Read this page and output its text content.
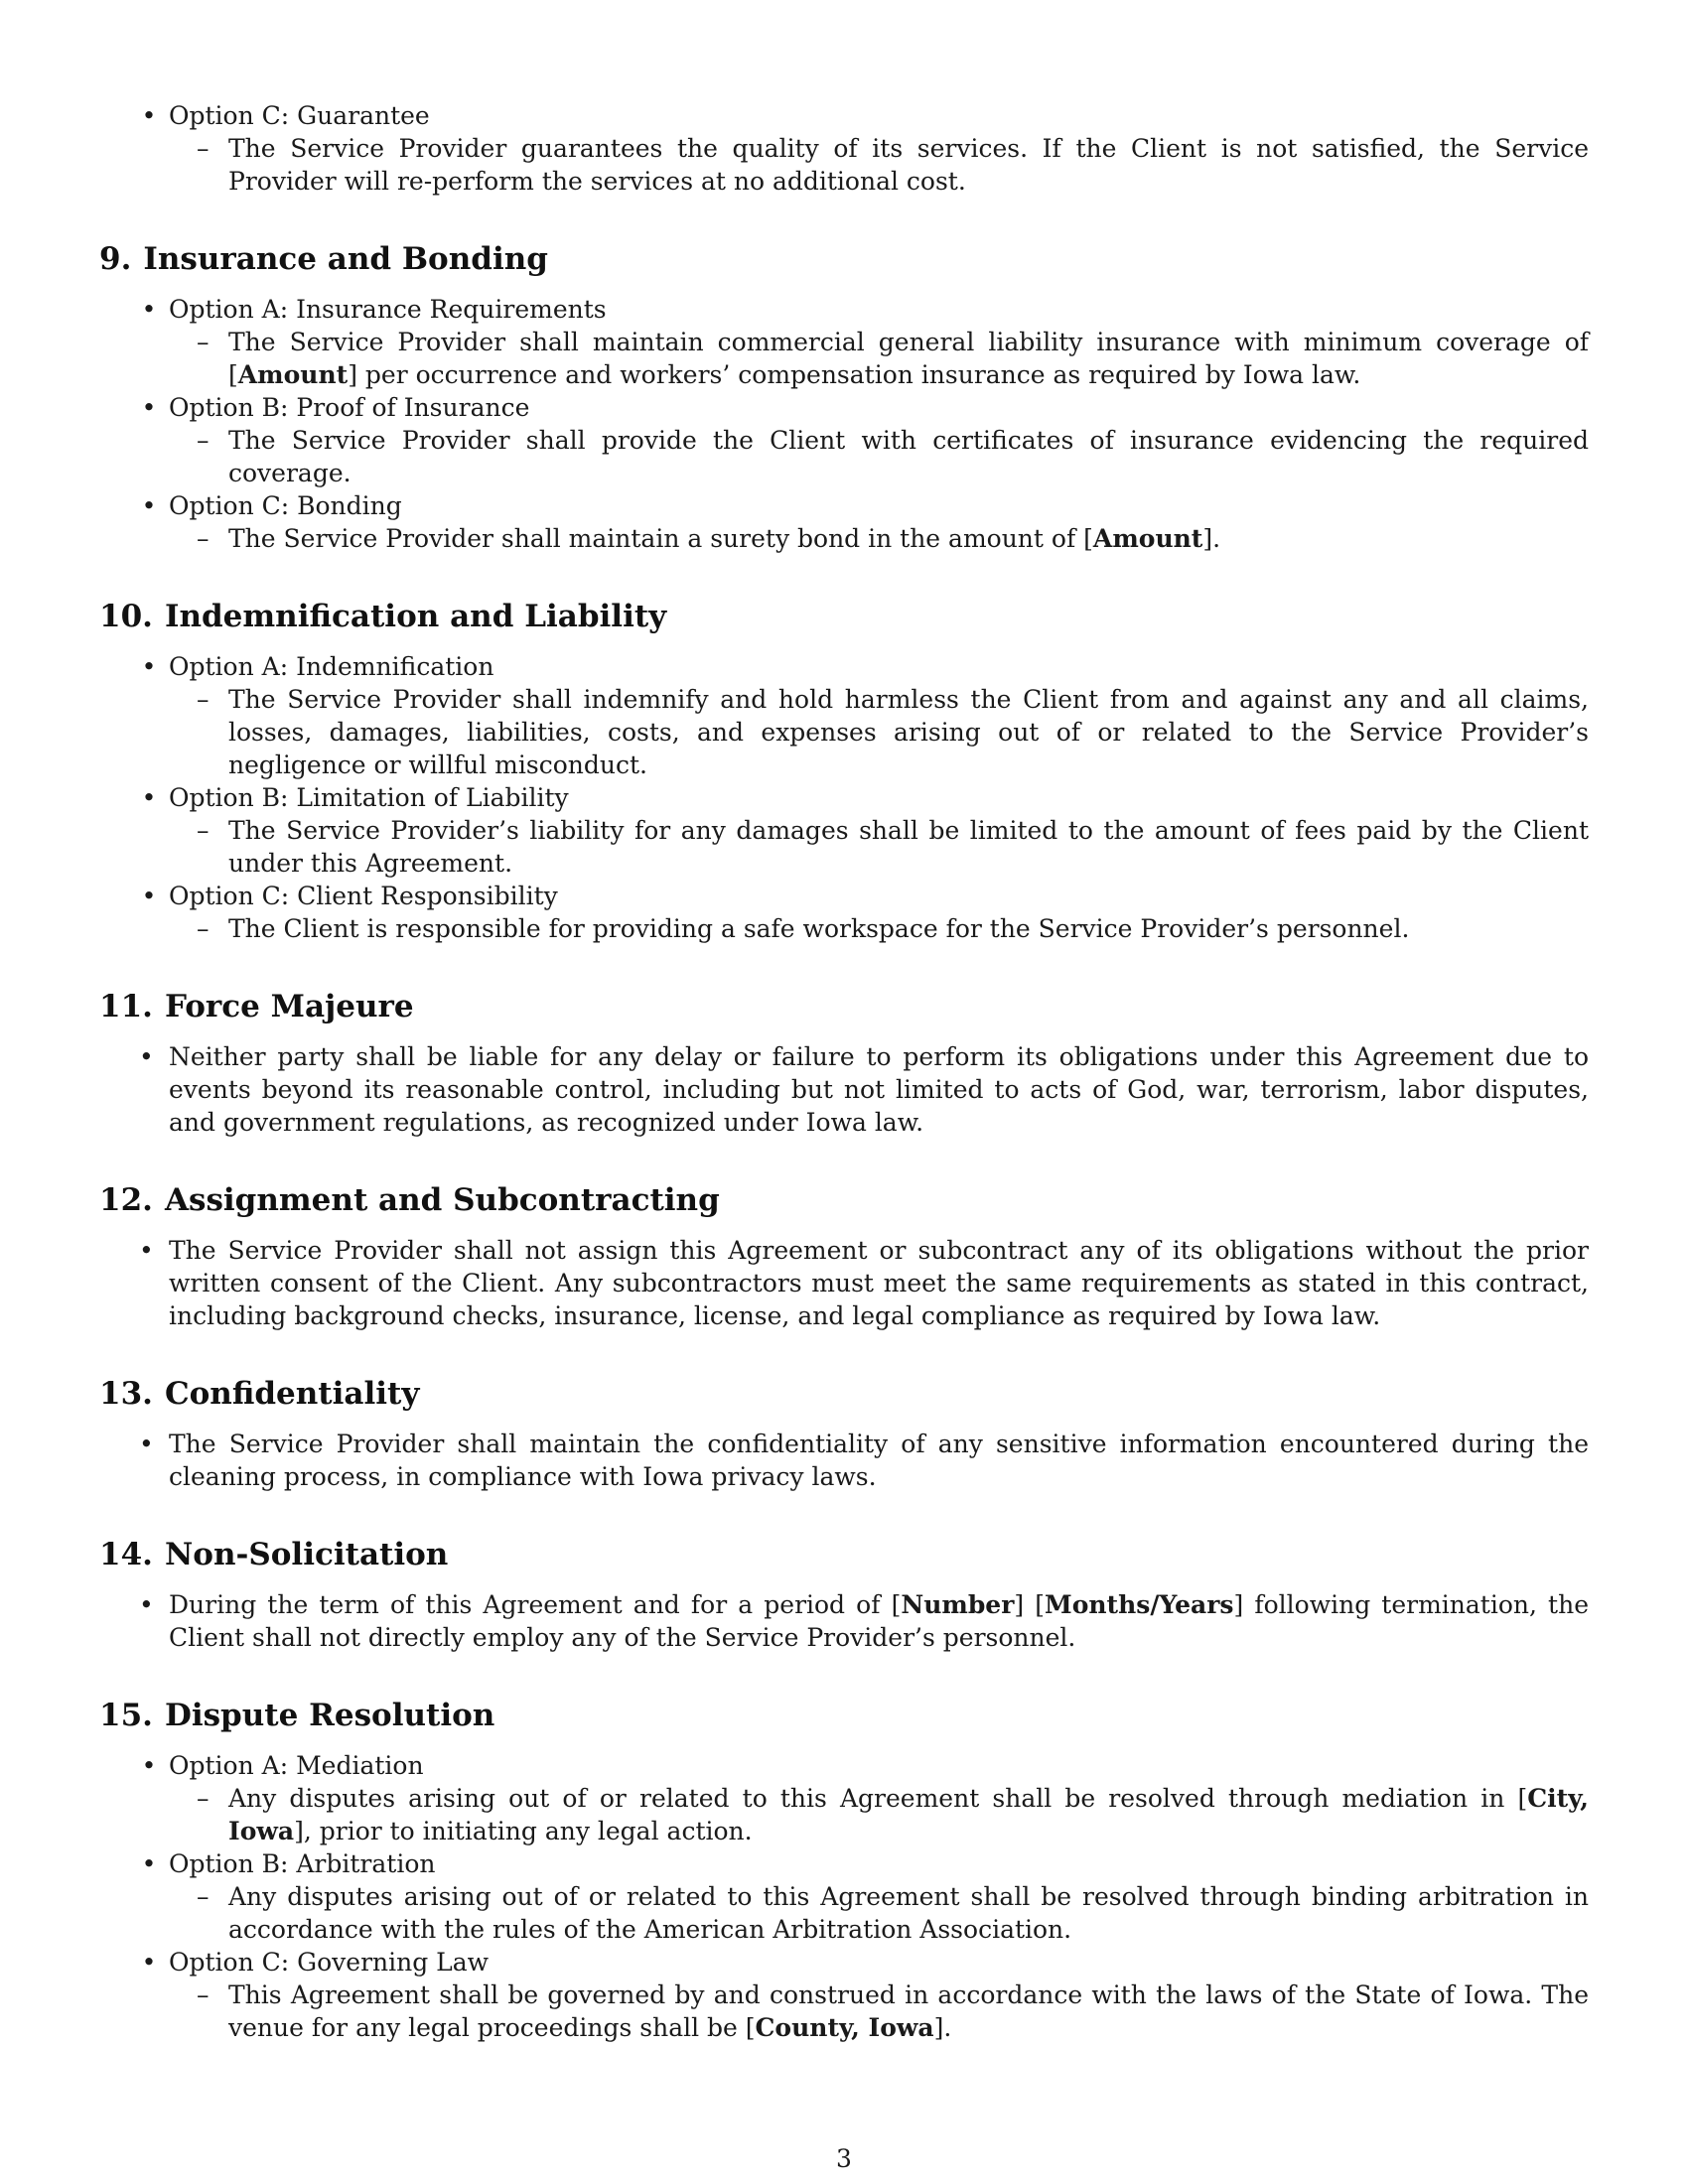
• Option C: Guarantee
– The Service Provider guarantees the quality of its services. If the Client is not satisfied, the Service Provider will re-perform the services at no additional cost.
9. Insurance and Bonding
• Option A: Insurance Requirements
– The Service Provider shall maintain commercial general liability insurance with minimum coverage of [Amount] per occurrence and workers’ compensation insurance as required by Iowa law.
• Option B: Proof of Insurance
– The Service Provider shall provide the Client with certificates of insurance evidencing the required coverage.
• Option C: Bonding
– The Service Provider shall maintain a surety bond in the amount of [Amount].
10. Indemnification and Liability
• Option A: Indemnification
– The Service Provider shall indemnify and hold harmless the Client from and against any and all claims, losses, damages, liabilities, costs, and expenses arising out of or related to the Service Provider’s negligence or willful misconduct.
• Option B: Limitation of Liability
– The Service Provider’s liability for any damages shall be limited to the amount of fees paid by the Client under this Agreement.
• Option C: Client Responsibility
– The Client is responsible for providing a safe workspace for the Service Provider’s personnel.
11. Force Majeure
• Neither party shall be liable for any delay or failure to perform its obligations under this Agreement due to events beyond its reasonable control, including but not limited to acts of God, war, terrorism, labor disputes, and government regulations, as recognized under Iowa law.
12. Assignment and Subcontracting
• The Service Provider shall not assign this Agreement or subcontract any of its obligations without the prior written consent of the Client. Any subcontractors must meet the same requirements as stated in this contract, including background checks, insurance, license, and legal compliance as required by Iowa law.
13. Confidentiality
• The Service Provider shall maintain the confidentiality of any sensitive information encountered during the cleaning process, in compliance with Iowa privacy laws.
14. Non-Solicitation
• During the term of this Agreement and for a period of [Number] [Months/Years] following termination, the Client shall not directly employ any of the Service Provider’s personnel.
15. Dispute Resolution
• Option A: Mediation
– Any disputes arising out of or related to this Agreement shall be resolved through mediation in [City, Iowa], prior to initiating any legal action.
• Option B: Arbitration
– Any disputes arising out of or related to this Agreement shall be resolved through binding arbitration in accordance with the rules of the American Arbitration Association.
• Option C: Governing Law
– This Agreement shall be governed by and construed in accordance with the laws of the State of Iowa. The venue for any legal proceedings shall be [County, Iowa].
3
